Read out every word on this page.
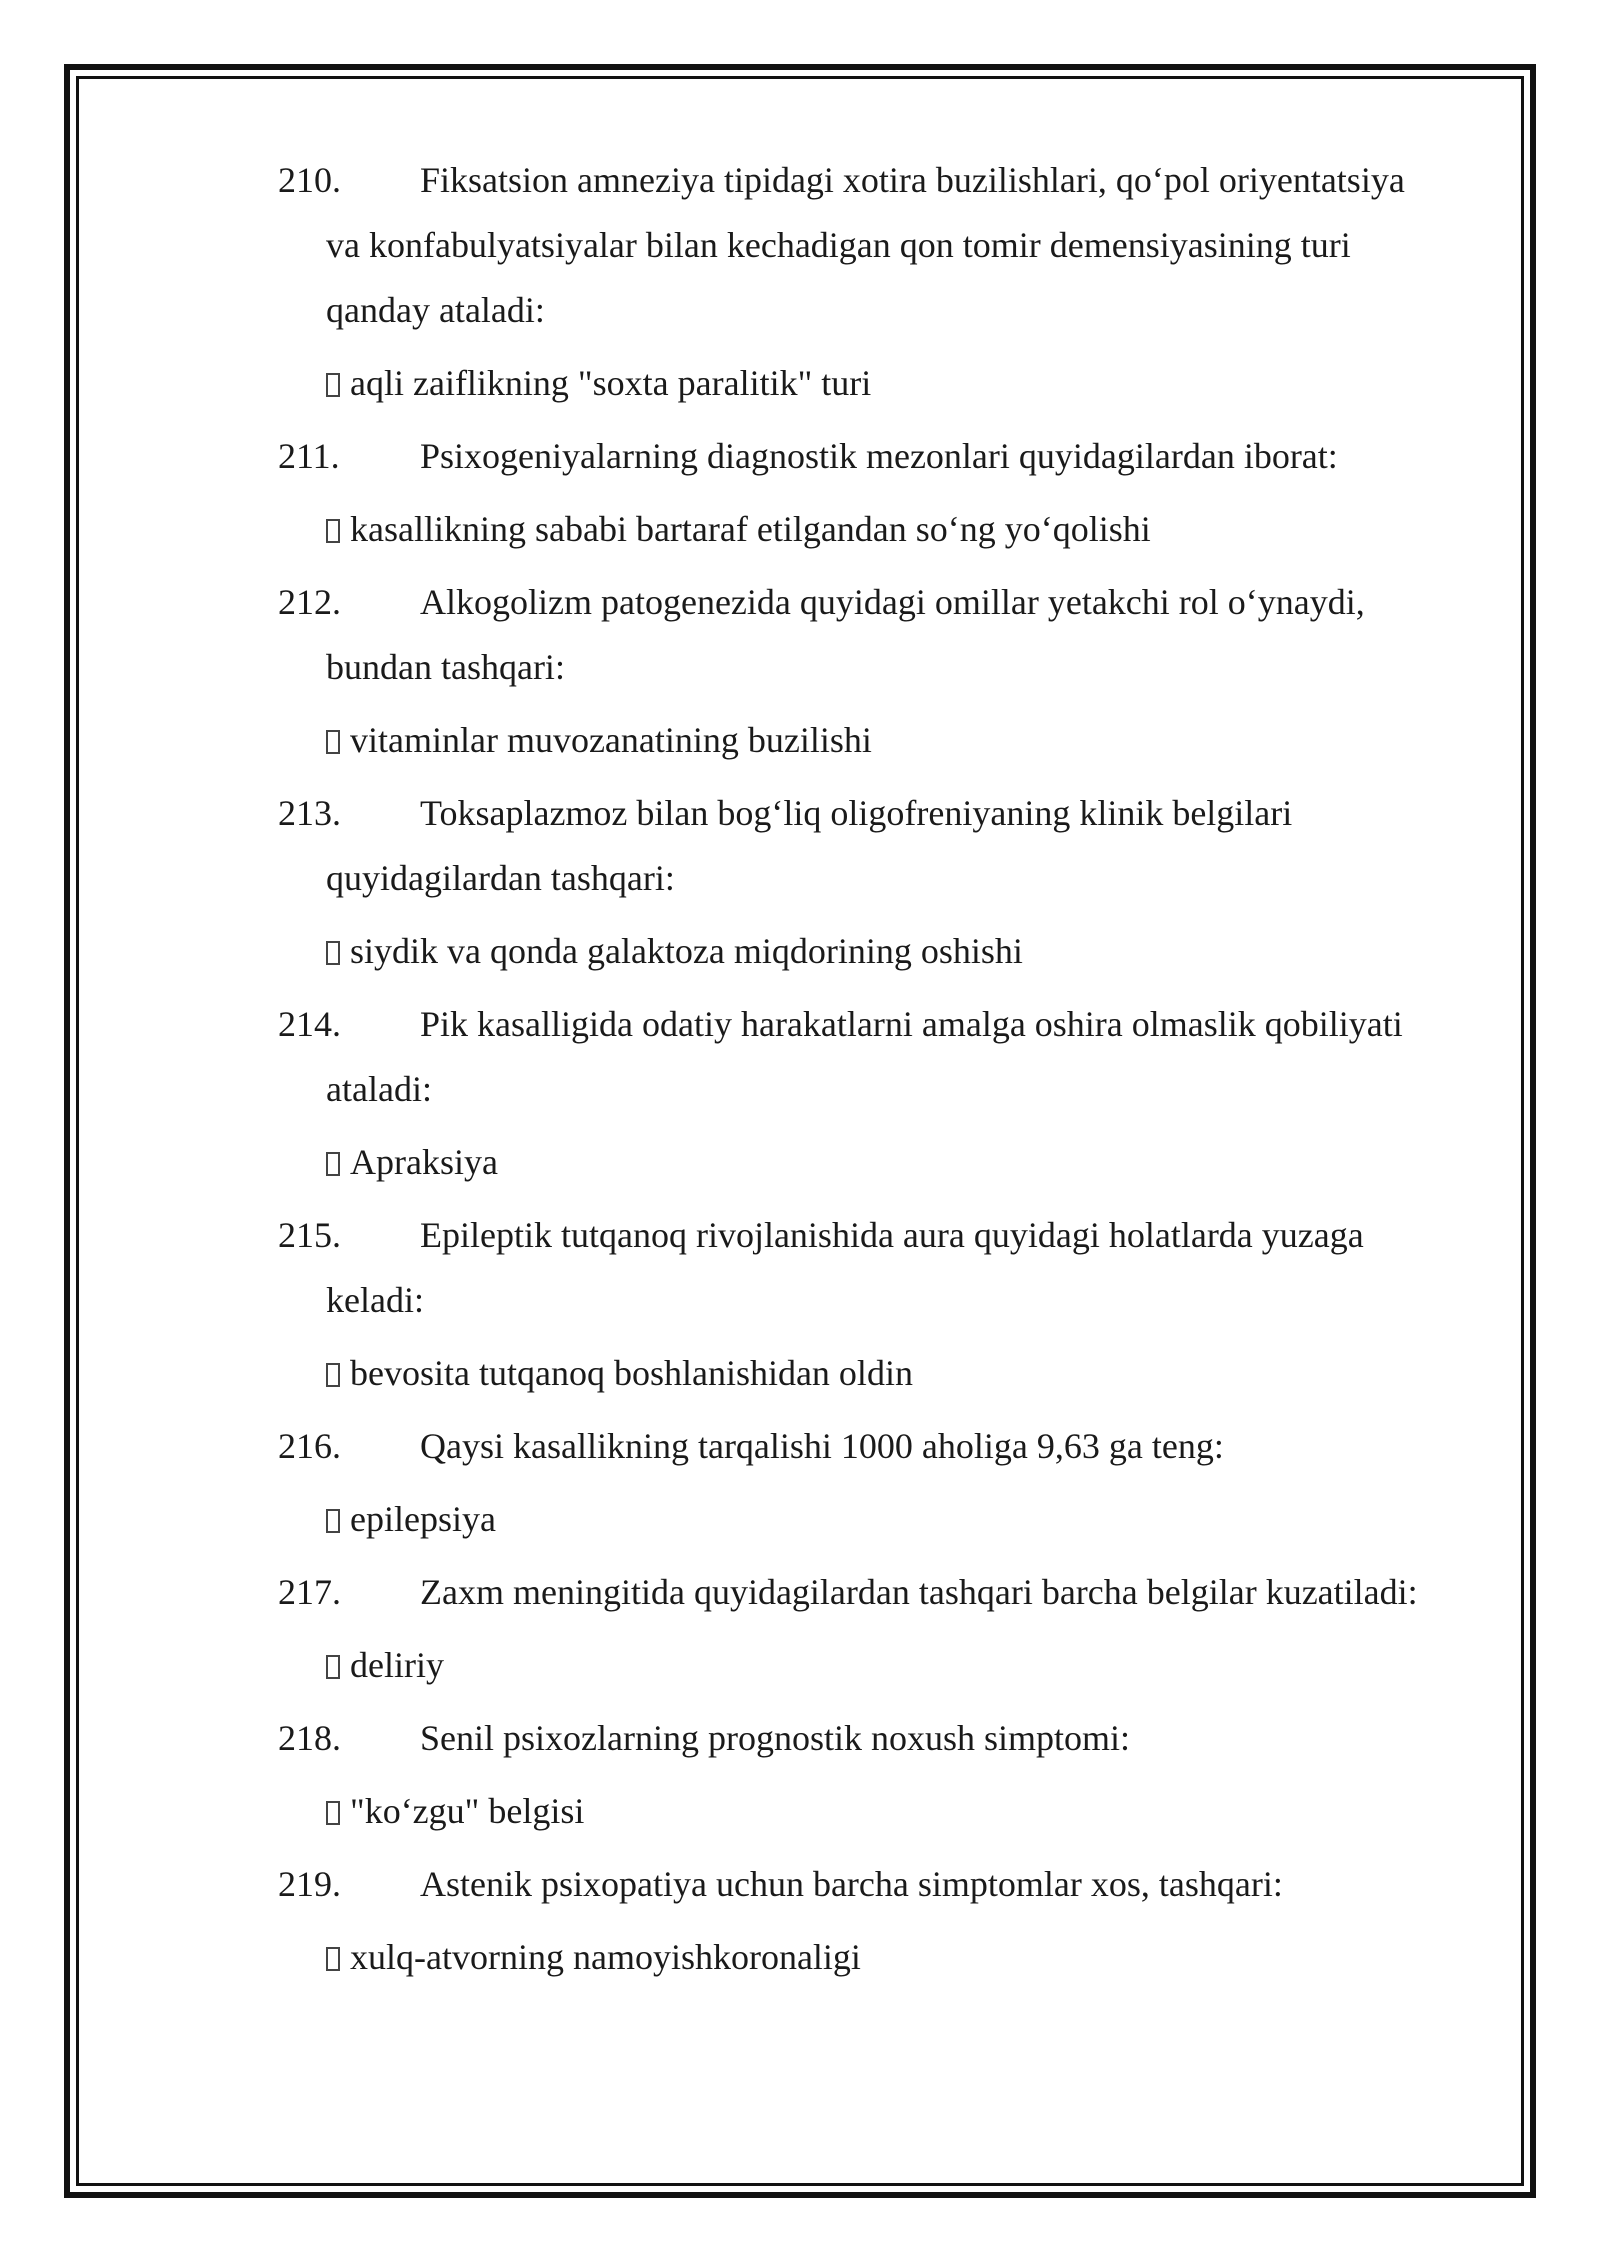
210. Fiksatsion amneziya tipidagi xotira buzilishlari, qo‘pol oriyentatsiya
va konfabulyatsiyalar bilan kechadigan qon tomir demensiyasining turi
qanday ataladi:
aqli zaiflikning "soxta paralitik" turi
211. Psixogeniyalarning diagnostik mezonlari quyidagilardan iborat:
kasallikning sababi bartaraf etilgandan so‘ng yo‘qolishi
212. Alkogolizm patogenezida quyidagi omillar yetakchi rol o‘ynaydi,
bundan tashqari:
vitaminlar muvozanatining buzilishi
213. Toksaplazmoz bilan bog‘liq oligofreniyaning klinik belgilari
quyidagilardan tashqari:
siydik va qonda galaktoza miqdorining oshishi
214. Pik kasalligida odatiy harakatlarni amalga oshira olmaslik qobiliyati
ataladi:
Apraksiya
215. Epileptik tutqanoq rivojlanishida aura quyidagi holatlarda yuzaga
keladi:
bevosita tutqanoq boshlanishidan oldin
216. Qaysi kasallikning tarqalishi 1000 aholiga 9,63 ga teng:
epilepsiya
217. Zaxm meningitida quyidagilardan tashqari barcha belgilar kuzatiladi:
deliriy
218. Senil psixozlarning prognostik noxush simptomi:
"ko‘zgu" belgisi
219. Astenik psixopatiya uchun barcha simptomlar xos, tashqari:
xulq-atvorning namoyishkoronaligi
